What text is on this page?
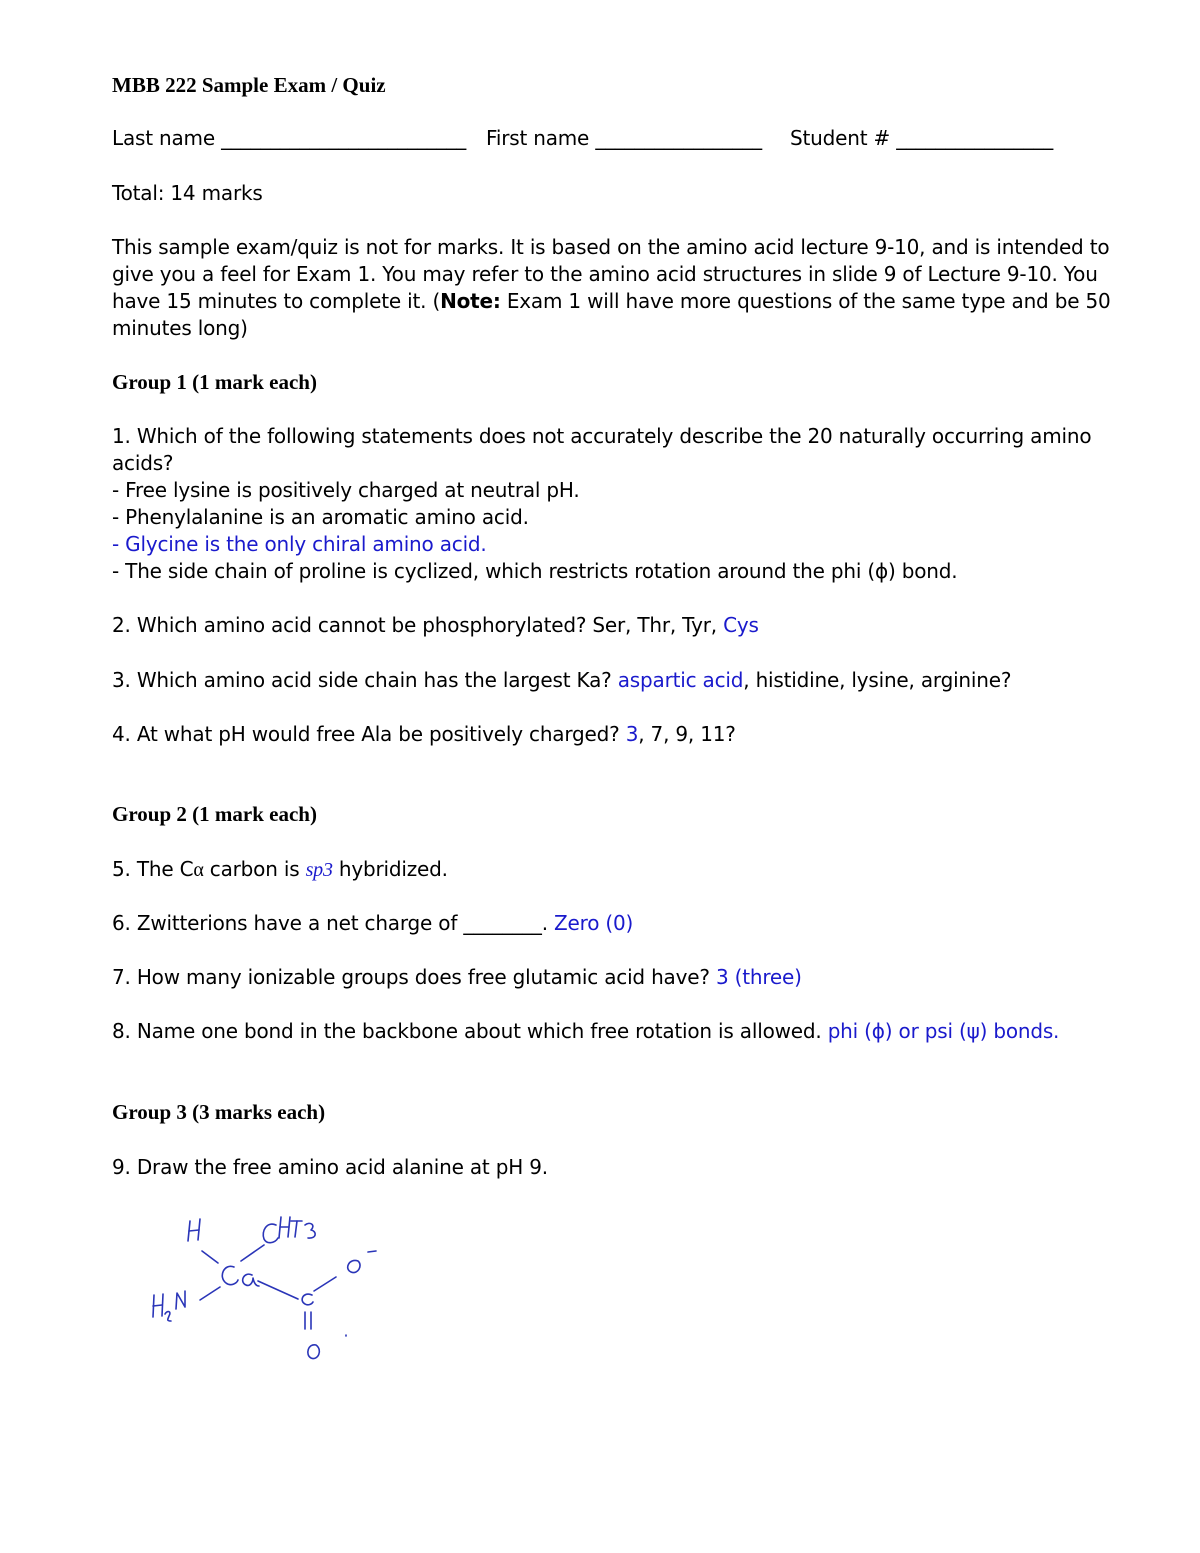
MBB 222 Sample Exam / Quiz
Last name _________________________ First name _________________ Student # ________________
Total: 14 marks
This sample exam/quiz is not for marks. It is based on the amino acid lecture 9-10, and is intended to
give you a feel for Exam 1. You may refer to the amino acid structures in slide 9 of Lecture 9-10. You
have 15 minutes to complete it. (Note: Exam 1 will have more questions of the same type and be 50
minutes long)
Group 1 (1 mark each)
1. Which of the following statements does not accurately describe the 20 naturally occurring amino
acids?
- Free lysine is positively charged at neutral pH.
- Phenylalanine is an aromatic amino acid.
- Glycine is the only chiral amino acid.
- The side chain of proline is cyclized, which restricts rotation around the phi (ϕ) bond.
2. Which amino acid cannot be phosphorylated? Ser, Thr, Tyr, Cys
3. Which amino acid side chain has the largest Ka? aspartic acid, histidine, lysine, arginine?
4. At what pH would free Ala be positively charged? 3, 7, 9, 11?
Group 2 (1 mark each)
5. The Cα carbon is sp3 hybridized.
6. Zwitterions have a net charge of ________. Zero (0)
7. How many ionizable groups does free glutamic acid have? 3 (three)
8. Name one bond in the backbone about which free rotation is allowed. phi (ϕ) or psi (ψ) bonds.
Group 3 (3 marks each)
9. Draw the free amino acid alanine at pH 9.
